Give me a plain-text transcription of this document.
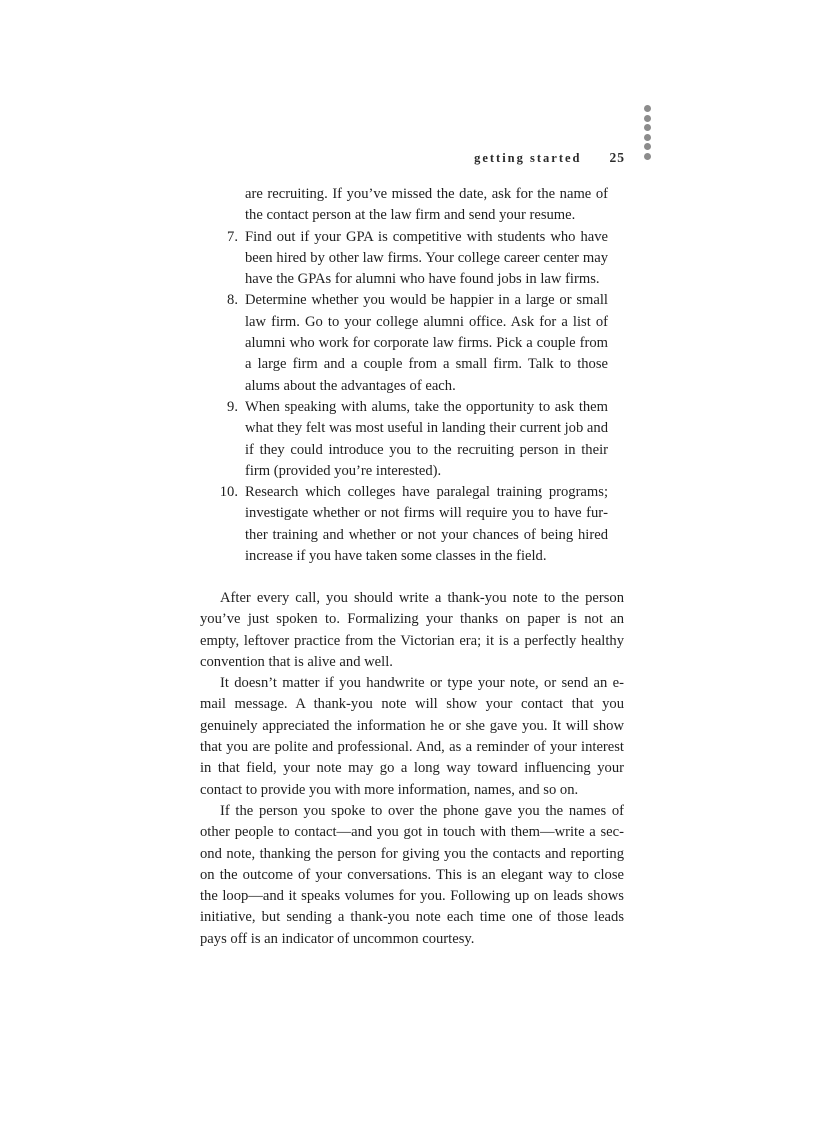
getting started 25
are recruiting. If you’ve missed the date, ask for the name of the contact person at the law firm and send your resume.
7. Find out if your GPA is competitive with students who have been hired by other law firms. Your college career center may have the GPAs for alumni who have found jobs in law firms.
8. Determine whether you would be happier in a large or small law firm. Go to your college alumni office. Ask for a list of alumni who work for corporate law firms. Pick a couple from a large firm and a couple from a small firm. Talk to those alums about the advantages of each.
9. When speaking with alums, take the opportunity to ask them what they felt was most useful in landing their current job and if they could introduce you to the recruiting person in their firm (provided you’re interested).
10. Research which colleges have paralegal training programs; investigate whether or not firms will require you to have further training and whether or not your chances of being hired increase if you have taken some classes in the field.

After every call, you should write a thank-you note to the person you’ve just spoken to. Formalizing your thanks on paper is not an empty, leftover practice from the Victorian era; it is a perfectly healthy convention that is alive and well.

It doesn’t matter if you handwrite or type your note, or send an e-mail message. A thank-you note will show your contact that you genuinely appreciated the information he or she gave you. It will show that you are polite and professional. And, as a reminder of your interest in that field, your note may go a long way toward influencing your contact to provide you with more information, names, and so on.

If the person you spoke to over the phone gave you the names of other people to contact—and you got in touch with them—write a second note, thanking the person for giving you the contacts and reporting on the outcome of your conversations. This is an elegant way to close the loop—and it speaks volumes for you. Following up on leads shows initiative, but sending a thank-you note each time one of those leads pays off is an indicator of uncommon courtesy.
